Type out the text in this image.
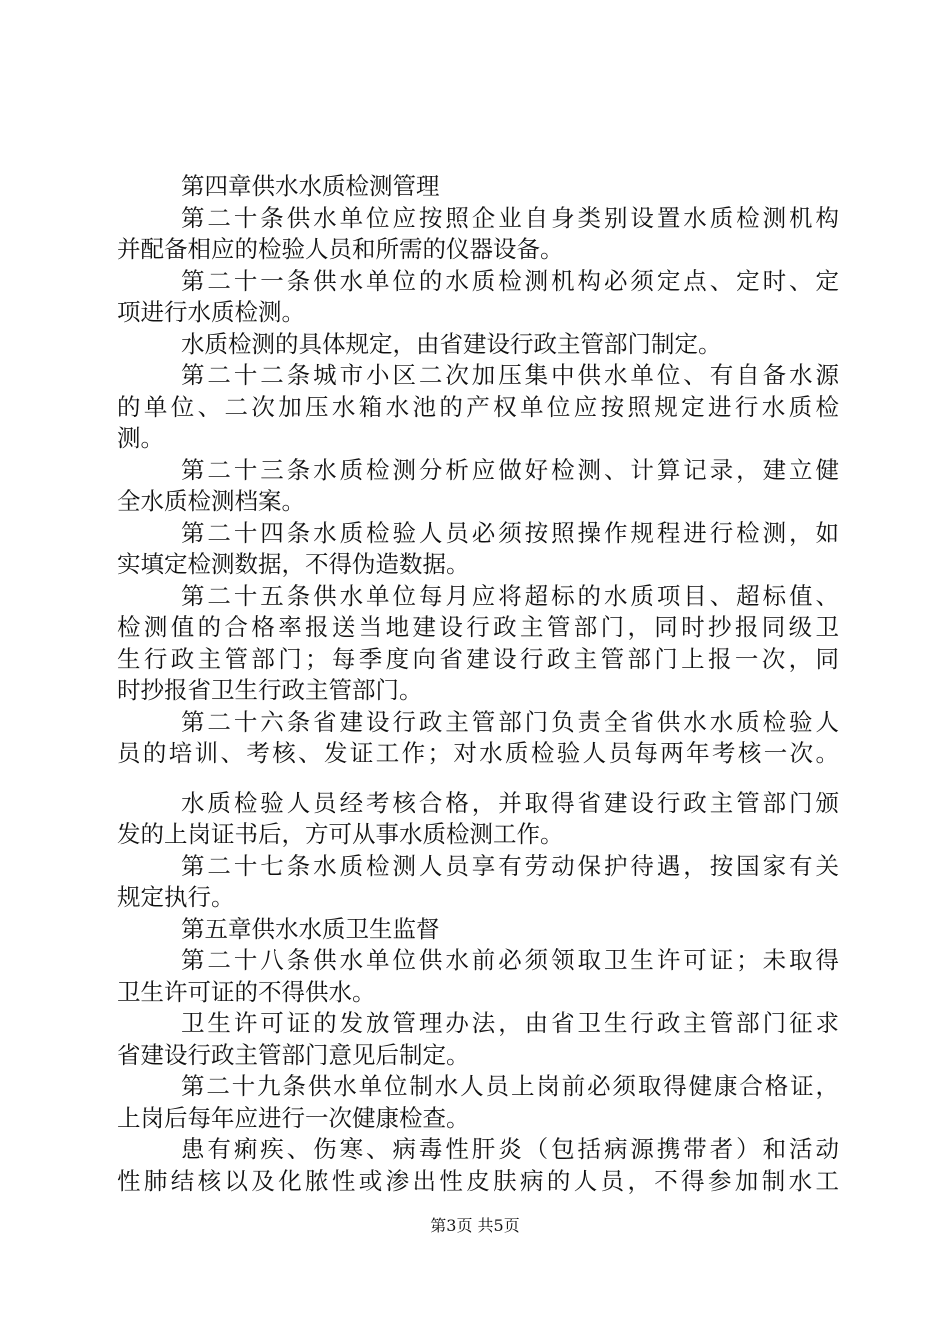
第四章供水水质检测管理
第二十条供水单位应按照企业自身类别设置水质检测机构
并配备相应的检验人员和所需的仪器设备。
第二十一条供水单位的水质检测机构必须定点、定时、定
项进行水质检测。
水质检测的具体规定，由省建设行政主管部门制定。
第二十二条城市小区二次加压集中供水单位、有自备水源
的单位、二次加压水箱水池的产权单位应按照规定进行水质检
测。
第二十三条水质检测分析应做好检测、计算记录，建立健
全水质检测档案。
第二十四条水质检验人员必须按照操作规程进行检测，如
实填定检测数据，不得伪造数据。
第二十五条供水单位每月应将超标的水质项目、超标值、
检测值的合格率报送当地建设行政主管部门，同时抄报同级卫
生行政主管部门；每季度向省建设行政主管部门上报一次，同
时抄报省卫生行政主管部门。
第二十六条省建设行政主管部门负责全省供水水质检验人
员的培训、考核、发证工作；对水质检验人员每两年考核一次。
水质检验人员经考核合格，并取得省建设行政主管部门颁
发的上岗证书后，方可从事水质检测工作。
第二十七条水质检测人员享有劳动保护待遇，按国家有关
规定执行。
第五章供水水质卫生监督
第二十八条供水单位供水前必须领取卫生许可证；未取得
卫生许可证的不得供水。
卫生许可证的发放管理办法，由省卫生行政主管部门征求
省建设行政主管部门意见后制定。
第二十九条供水单位制水人员上岗前必须取得健康合格证，
上岗后每年应进行一次健康检查。
患有痢疾、伤寒、病毒性肝炎（包括病源携带者）和活动
性肺结核以及化脓性或渗出性皮肤病的人员，不得参加制水工
第3页 共5页
